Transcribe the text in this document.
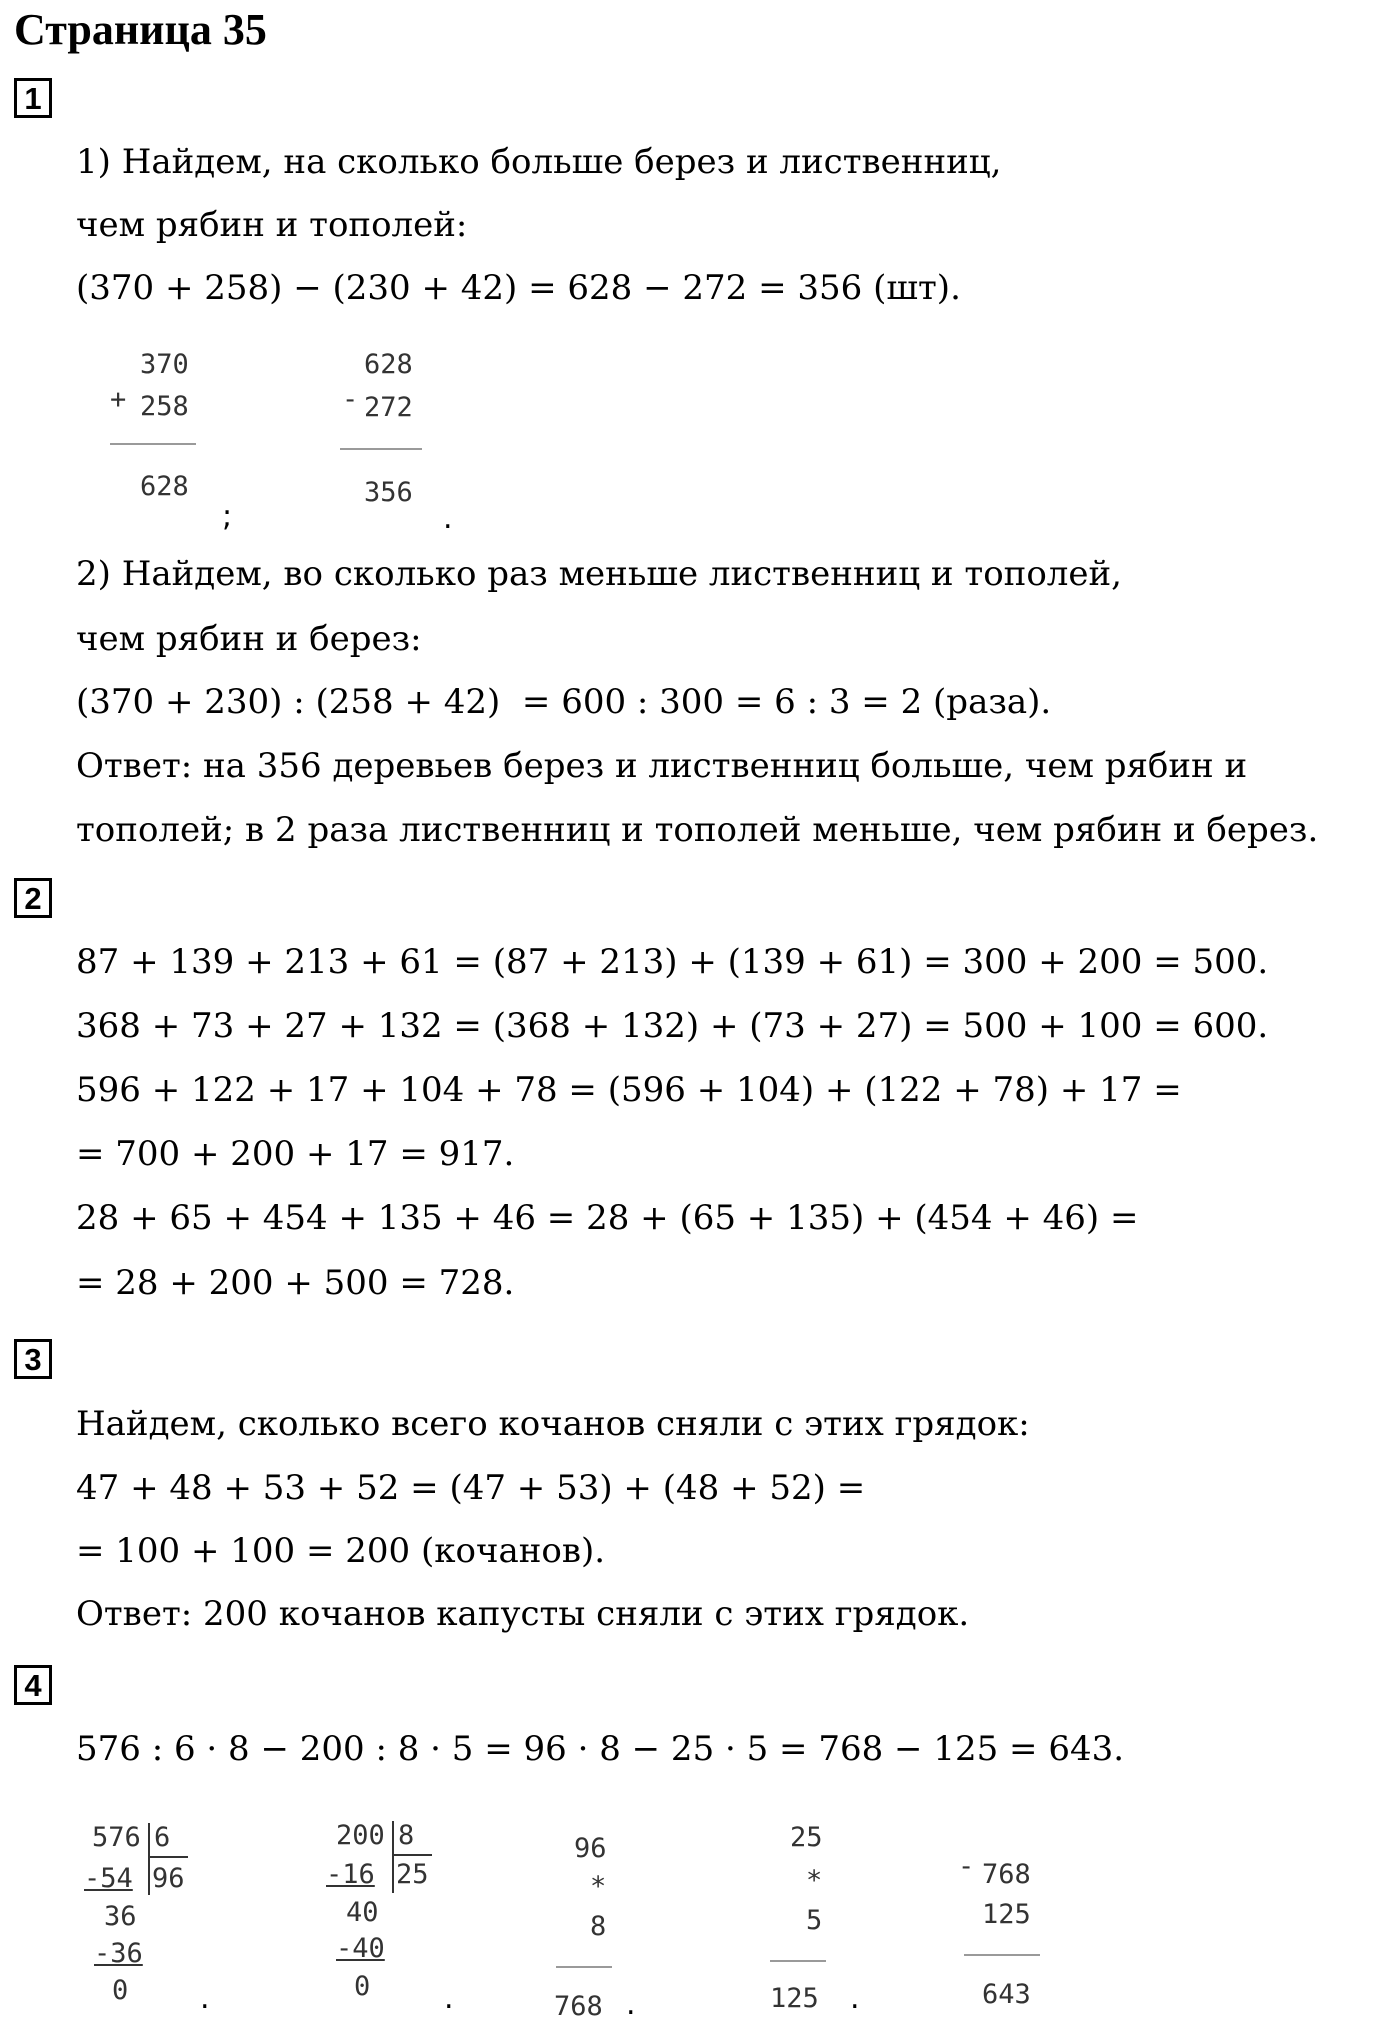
Страница 35
1
1) Найдем, на сколько больше берез и лиственниц,
чем рябин и тополей:
(370 + 258) − (230 + 42) = 628 − 272 = 356 (шт).
+
370
258
628
;
-
628
272
356
.
2) Найдем, во сколько раз меньше лиственниц и тополей,
чем рябин и берез:
(370 + 230) : (258 + 42)  = 600 : 300 = 6 : 3 = 2 (раза).
Ответ: на 356 деревьев берез и лиственниц больше, чем рябин и
тополей; в 2 раза лиственниц и тополей меньше, чем рябин и берез.
2
87 + 139 + 213 + 61 = (87 + 213) + (139 + 61) = 300 + 200 = 500.
368 + 73 + 27 + 132 = (368 + 132) + (73 + 27) = 500 + 100 = 600.
596 + 122 + 17 + 104 + 78 = (596 + 104) + (122 + 78) + 17 =
= 700 + 200 + 17 = 917.
28 + 65 + 454 + 135 + 46 = 28 + (65 + 135) + (454 + 46) =
= 28 + 200 + 500 = 728.
3
Найдем, сколько всего кочанов сняли с этих грядок:
47 + 48 + 53 + 52 = (47 + 53) + (48 + 52) =
= 100 + 100 = 200 (кочанов).
Ответ: 200 кочанов капусты сняли с этих грядок.
4
576 : 6 · 8 − 200 : 8 · 5 = 96 · 8 − 25 · 5 = 768 − 125 = 643.
576 6
-54 96
36
-36
0 .
200 8
-16 25
40
-40
0 .
96
*
8
768 .
25
*
5
125 .
- 768
125
643
